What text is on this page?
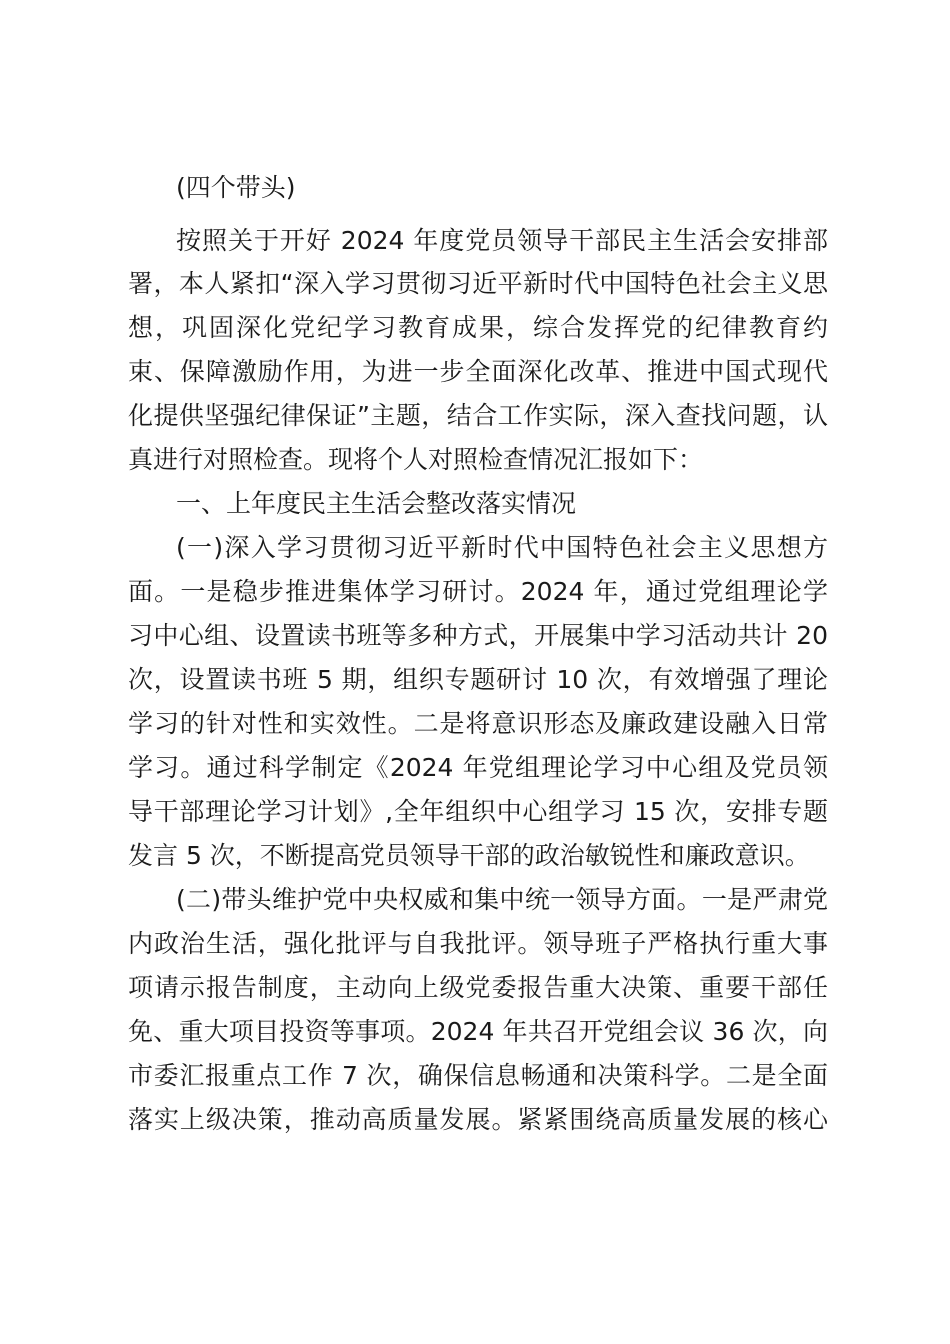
(四个带头)
按照关于开好 2024 年度党员领导干部民主生活会安排部
署，本人紧扣“深入学习贯彻习近平新时代中国特色社会主义思
想，巩固深化党纪学习教育成果，综合发挥党的纪律教育约
束、保障激励作用，为进一步全面深化改革、推进中国式现代
化提供坚强纪律保证”主题，结合工作实际，深入查找问题，认
真进行对照检查。现将个人对照检查情况汇报如下：
一、上年度民主生活会整改落实情况
(一)深入学习贯彻习近平新时代中国特色社会主义思想方
面。一是稳步推进集体学习研讨。2024 年，通过党组理论学
习中心组、设置读书班等多种方式，开展集中学习活动共计 20
次，设置读书班 5 期，组织专题研讨 10 次，有效增强了理论
学习的针对性和实效性。二是将意识形态及廉政建设融入日常
学习。通过科学制定《2024 年党组理论学习中心组及党员领
导干部理论学习计划》,全年组织中心组学习 15 次，安排专题
发言 5 次，不断提高党员领导干部的政治敏锐性和廉政意识。
(二)带头维护党中央权威和集中统一领导方面。一是严肃党
内政治生活，强化批评与自我批评。领导班子严格执行重大事
项请示报告制度，主动向上级党委报告重大决策、重要干部任
免、重大项目投资等事项。2024 年共召开党组会议 36 次，向
市委汇报重点工作 7 次，确保信息畅通和决策科学。二是全面
落实上级决策，推动高质量发展。紧紧围绕高质量发展的核心
